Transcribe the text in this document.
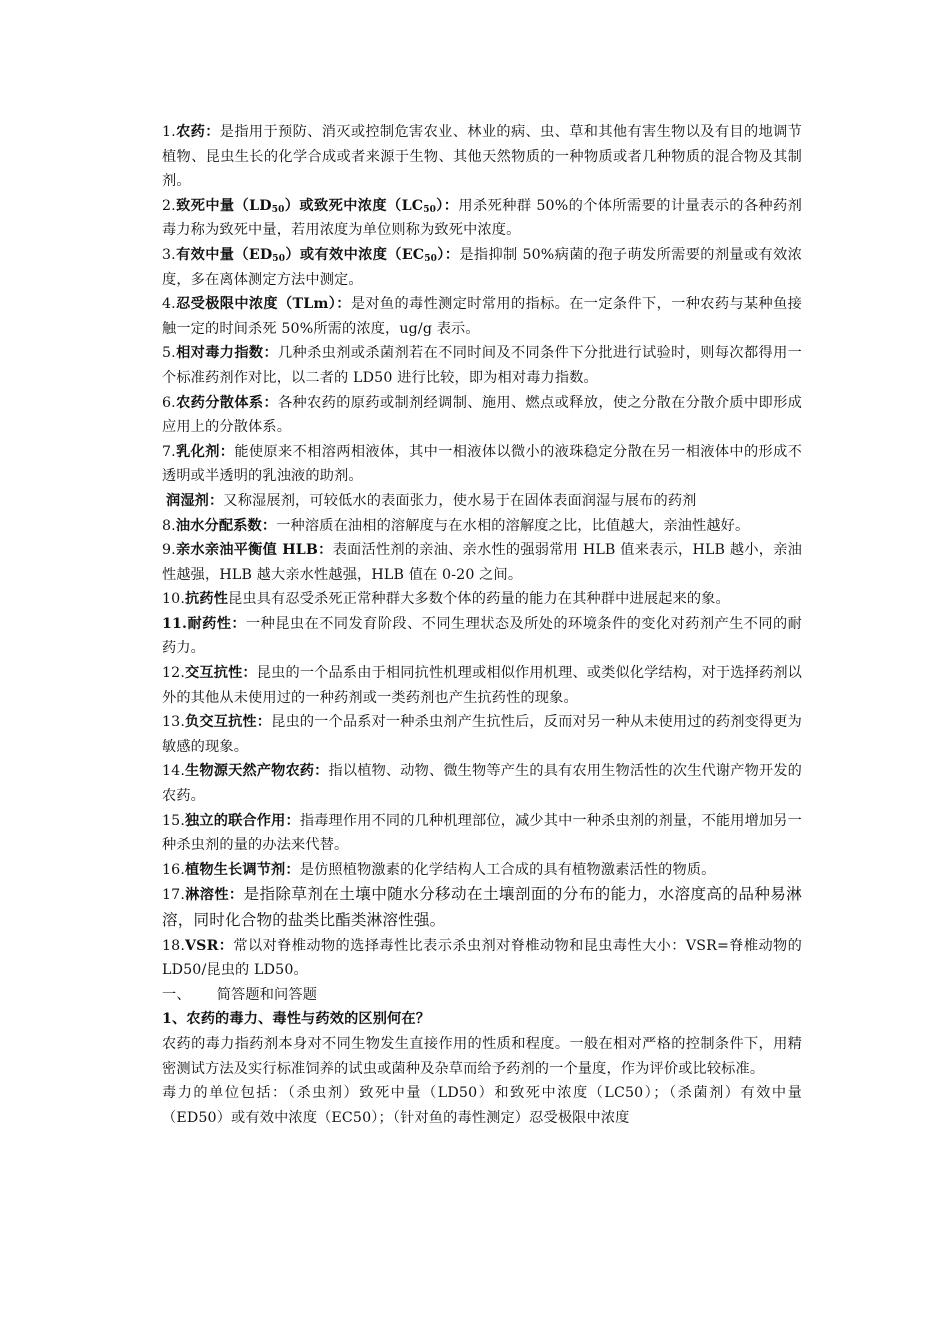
1.农药：是指用于预防、消灭或控制危害农业、林业的病、虫、草和其他有害生物以及有目的地调节植物、昆虫生长的化学合成或者来源于生物、其他天然物质的一种物质或者几种物质的混合物及其制剂。

2.致死中量$(LD_{50})$或致死中浓度$(LC_{50})$：用杀死种群 50%的个体所需要的计量表示的各种药剂毒力称为致死中量，若用浓度为单位则称为致死中浓度。

3.有效中量$(ED_{50})$或有效中浓度$(EC_{50})$：是指抑制 50%病菌的孢子萌发所需要的剂量或有效浓度，多在离体测定方法中测定。

4.忍受极限中浓度（TLm）：是对鱼的毒性测定时常用的指标。在一定条件下，一种农药与某种鱼接触一定的时间杀死 50%所需的浓度，ug/g 表示。

5.相对毒力指数：几种杀虫剂或杀菌剂若在不同时间及不同条件下分批进行试验时，则每次都得用一个标准药剂作对比，以二者的 LD50 进行比较，即为相对毒力指数。

6.农药分散体系：各种农药的原药或制剂经调制、施用、燃点或释放，使之分散在分散介质中即形成应用上的分散体系。

7.乳化剂：能使原来不相溶两相液体，其中一相液体以微小的液珠稳定分散在另一相液体中的形成不透明或半透明的乳浊液的助剂。

润湿剂：又称湿展剂，可较低水的表面张力，使水易于在固体表面润湿与展布的药剂

8.油水分配系数：一种溶质在油相的溶解度与在水相的溶解度之比，比值越大，亲油性越好。

9.亲水亲油平衡值 HLB：表面活性剂的亲油、亲水性的强弱常用 HLB 值来表示，HLB 越小，亲油性越强，HLB 越大亲水性越强，HLB 值在 0-20 之间。

10.抗药性昆虫具有忍受杀死正常种群大多数个体的药量的能力在其种群中进展起来的象。

11.耐药性：一种昆虫在不同发育阶段、不同生理状态及所处的环境条件的变化对药剂产生不同的耐药力。

12.交互抗性：昆虫的一个品系由于相同抗性机理或相似作用机理、或类似化学结构，对于选择药剂以外的其他从未使用过的一种药剂或一类药剂也产生抗药性的现象。

13.负交互抗性：昆虫的一个品系对一种杀虫剂产生抗性后，反而对另一种从未使用过的药剂变得更为敏感的现象。

14.生物源天然产物农药：指以植物、动物、微生物等产生的具有农用生物活性的次生代谢产物开发的农药。

15.独立的联合作用：指毒理作用不同的几种机理部位，减少其中一种杀虫剂的剂量，不能用增加另一种杀虫剂的量的办法来代替。

16.植物生长调节剂：是仿照植物激素的化学结构人工合成的具有植物激素活性的物质。

17.淋溶性：是指除草剂在土壤中随水分移动在土壤剖面的分布的能力，水溶度高的品种易淋溶，同时化合物的盐类比酯类淋溶性强。

18.VSR：常以对脊椎动物的选择毒性比表示杀虫剂对脊椎动物和昆虫毒性大小：VSR=脊椎动物的 LD50/昆虫的 LD50。

一、 简答题和问答题

1、农药的毒力、毒性与药效的区别何在？

农药的毒力指药剂本身对不同生物发生直接作用的性质和程度。一般在相对严格的控制条件下，用精密测试方法及实行标准饲养的试虫或菌种及杂草而给予药剂的一个量度，作为评价或比较标准。

毒力的单位包括：（杀虫剂）致死中量（LD50）和致死中浓度（LC50）；（杀菌剂）有效中量（ED50）或有效中浓度（EC50）；（针对鱼的毒性测定）忍受极限中浓度
